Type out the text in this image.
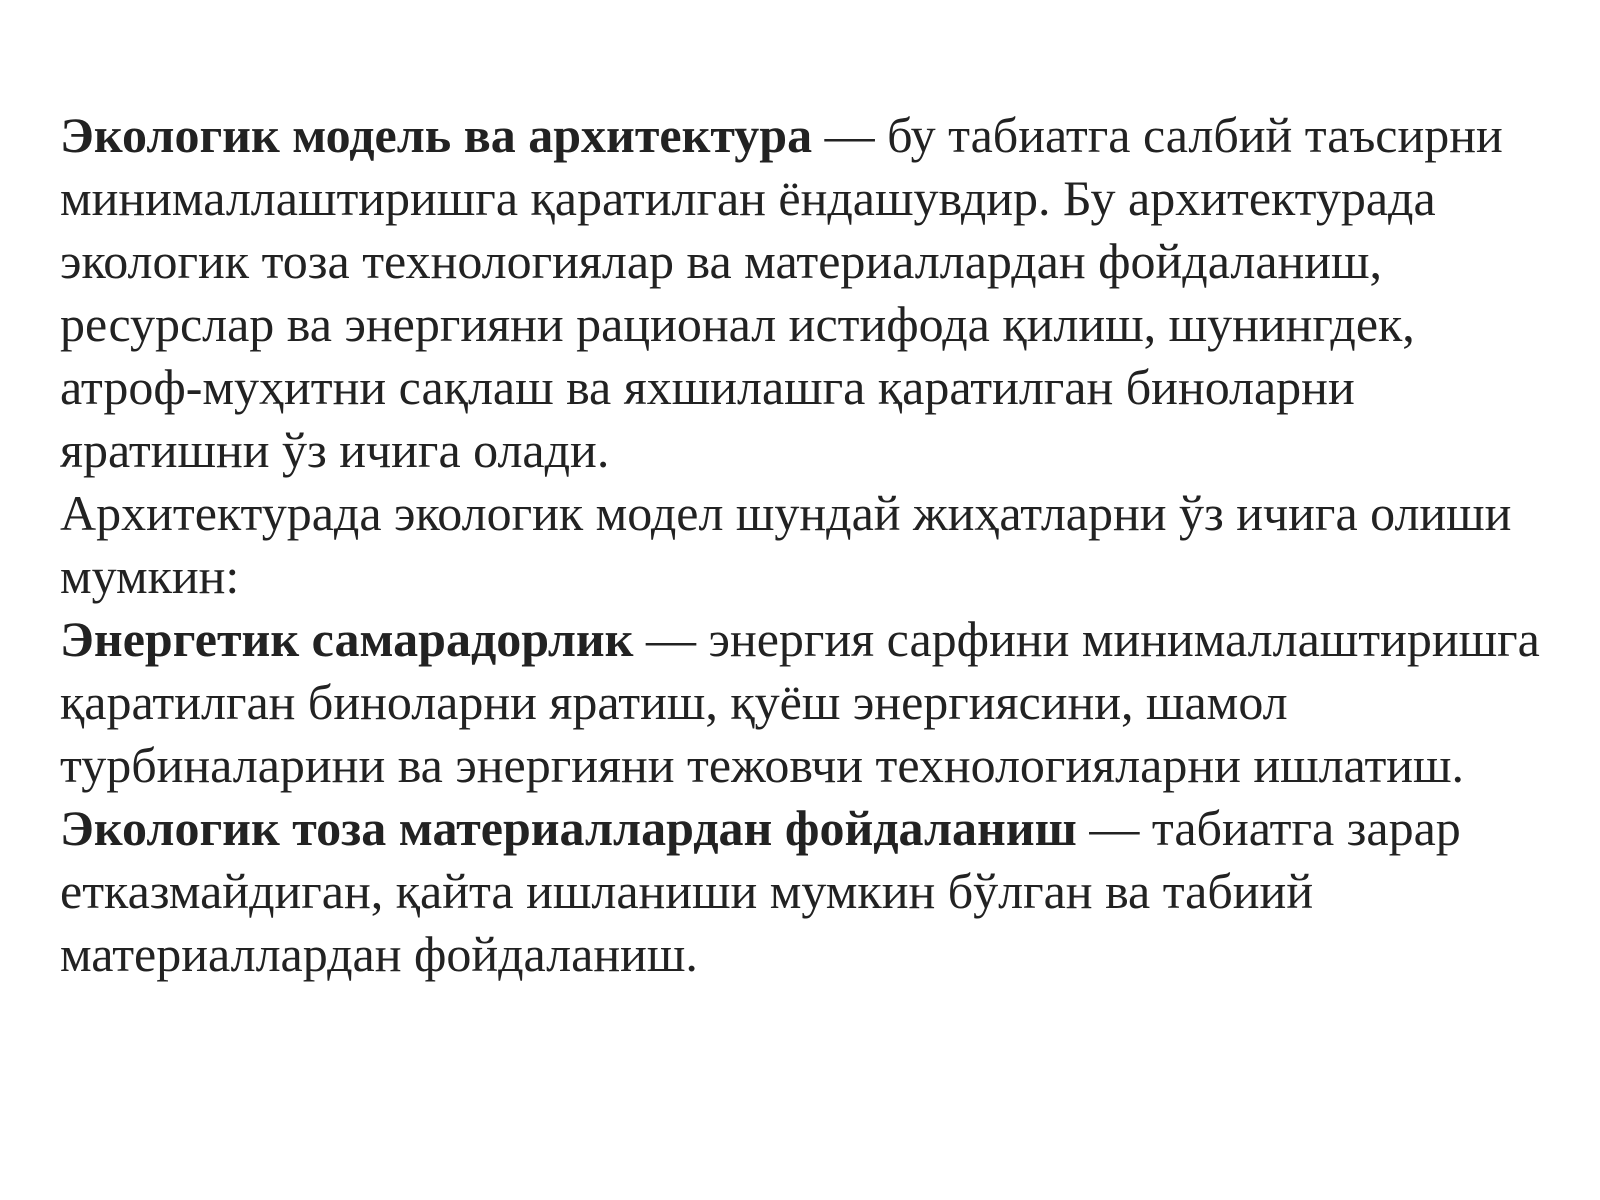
Экологик модель ва архитектура — бу табиатга салбий таъсирни минималлаштиришга қаратилган ёндашувдир. Бу архитектурада экологик тоза технологиялар ва материаллардан фойдаланиш, ресурслар ва энергияни рационал истифода қилиш, шунингдек, атроф-муҳитни сақлаш ва яхшилашга қаратилган биноларни яратишни ўз ичига олади.

Архитектурада экологик модел шундай жиҳатларни ўз ичига олиши мумкин:

Энергетик самарадорлик — энергия сарфини минималлаштиришга қаратилган биноларни яратиш, қуёш энергиясини, шамол турбиналарини ва энергияни тежовчи технологияларни ишлатиш.

Экологик тоза материаллардан фойдаланиш — табиатга зарар етказмайдиган, қайта ишланиши мумкин бўлган ва табиий материаллардан фойдаланиш.
